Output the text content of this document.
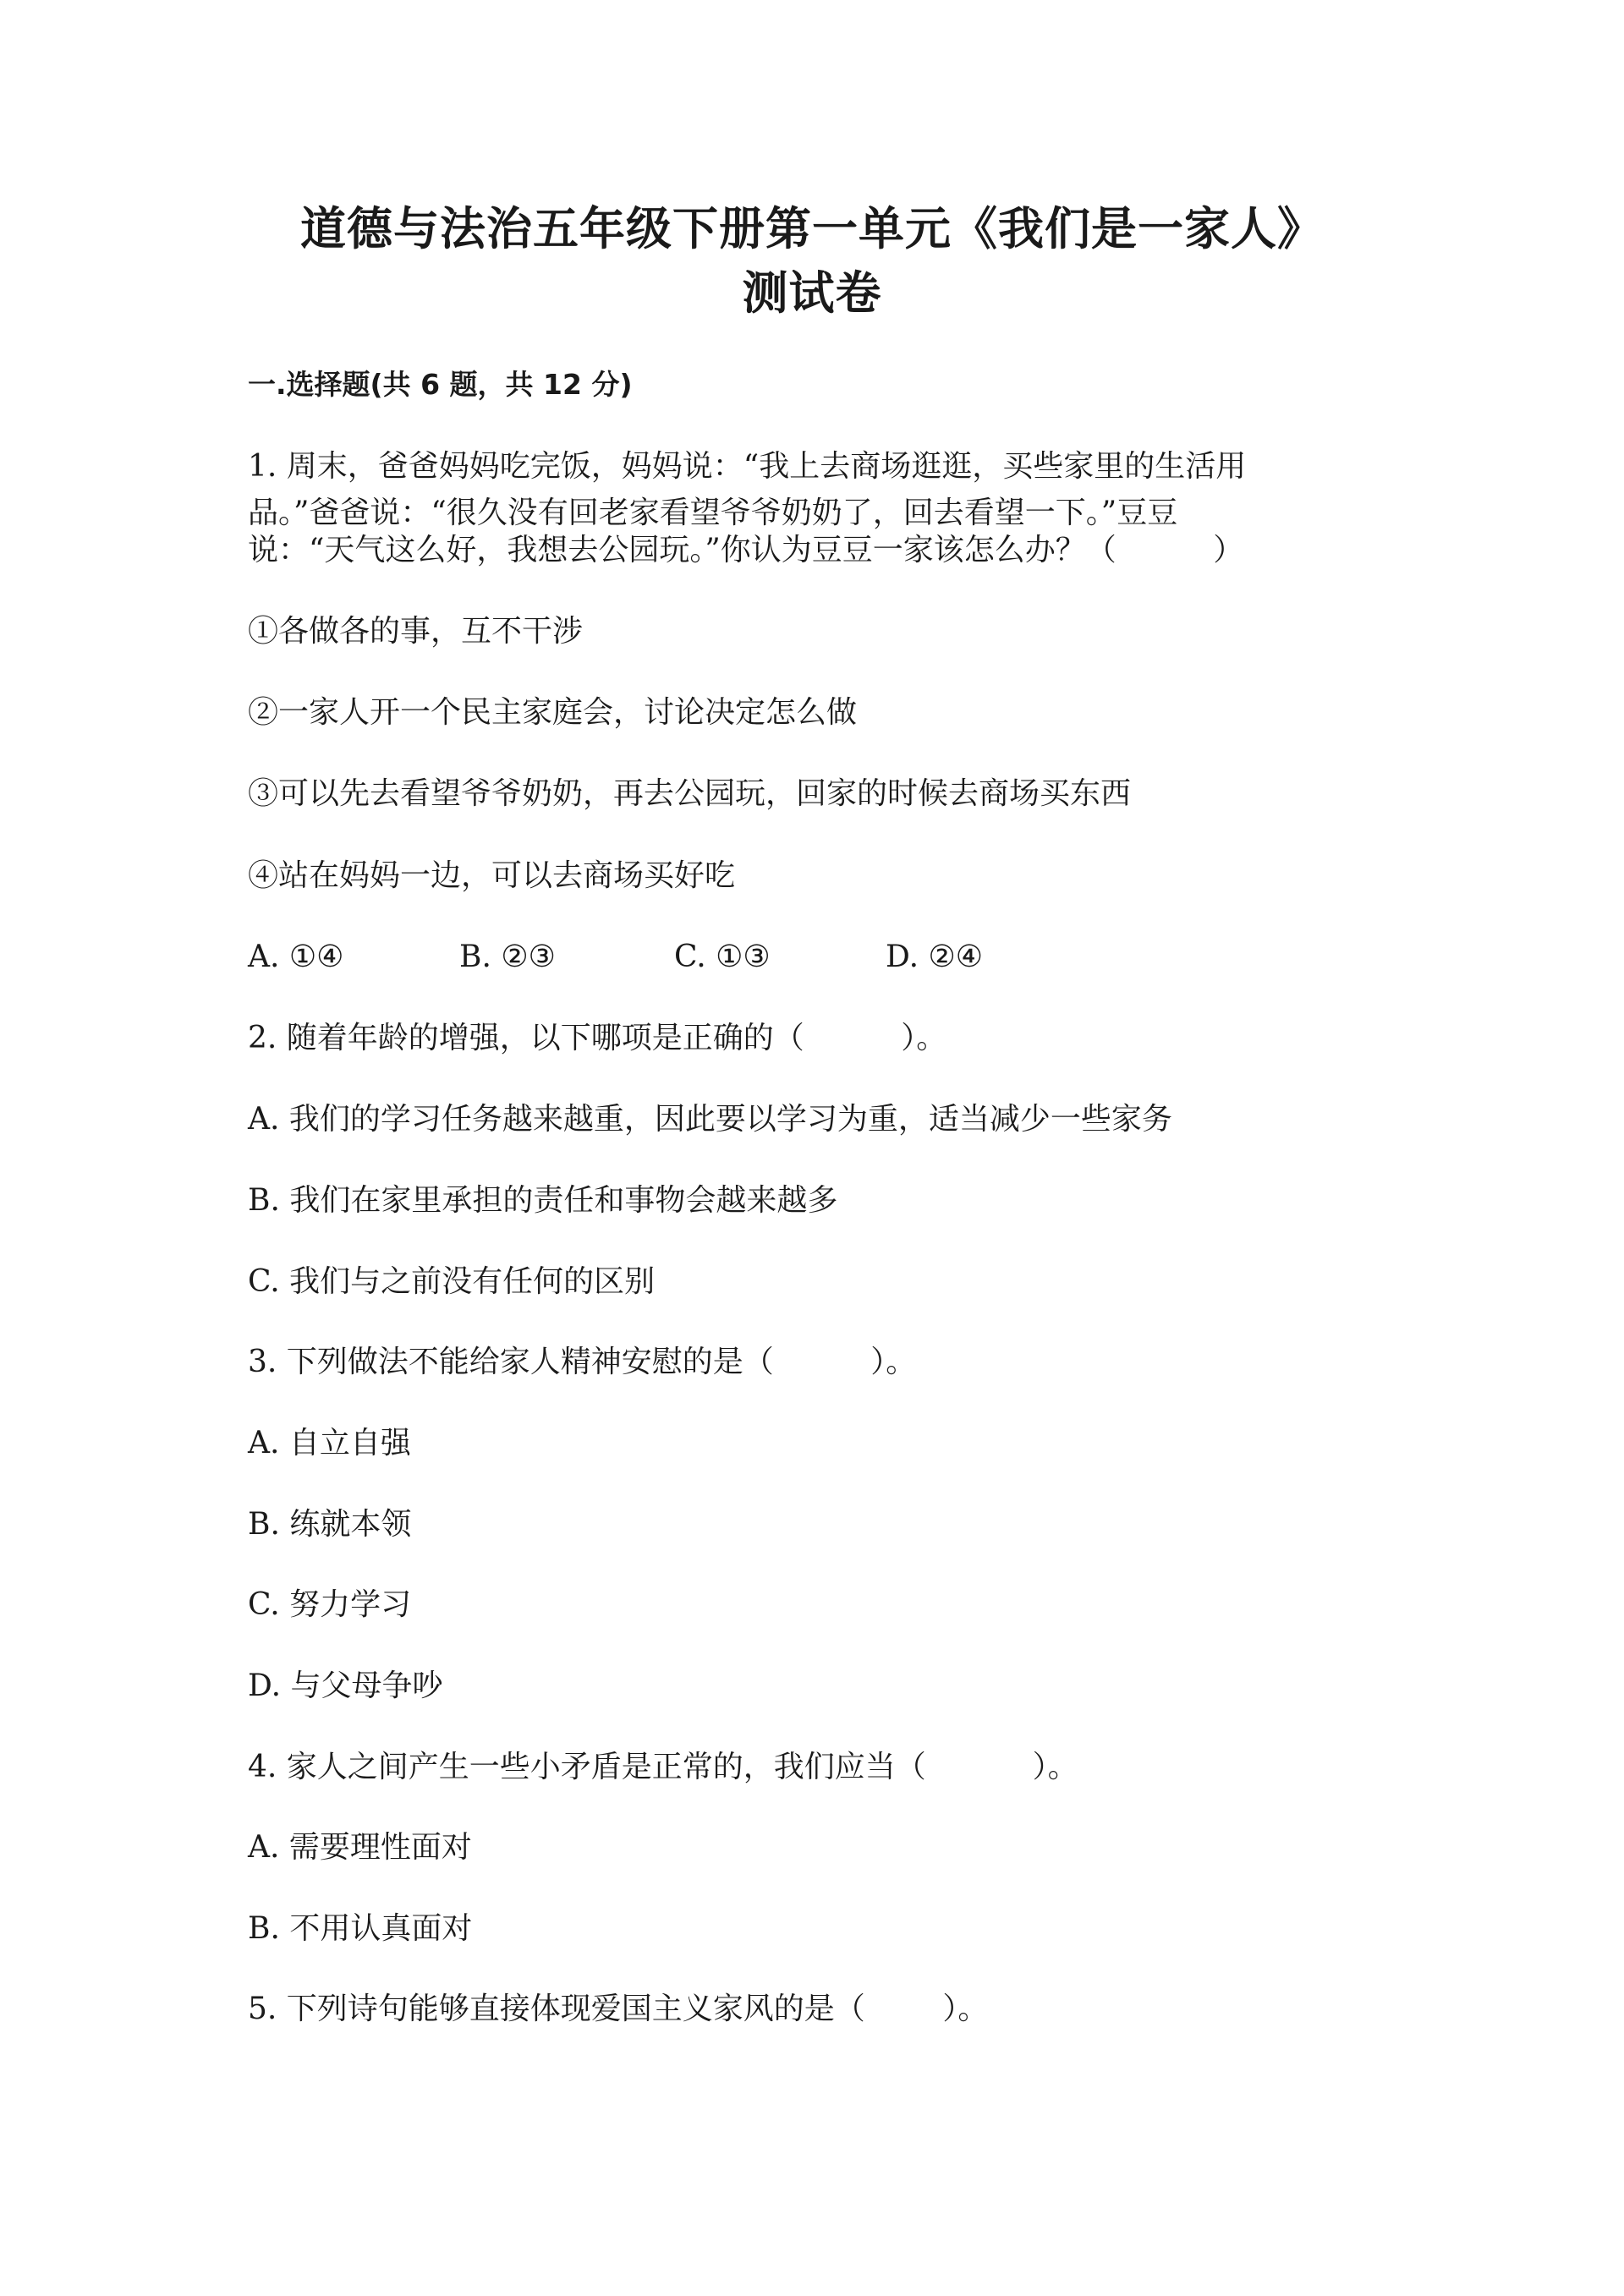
道德与法治五年级下册第一单元《我们是一家人》
测试卷
一.选择题(共 6 题，共 12 分)
1. 周末，爸爸妈妈吃完饭，妈妈说：“我上去商场逛逛，买些家里的生活用
品。”爸爸说：“很久没有回老家看望爷爷奶奶了，回去看望一下。”豆豆
说：“天气这么好，我想去公园玩。”你认为豆豆一家该怎么办？（          ）
①各做各的事，互不干涉
②一家人开一个民主家庭会，讨论决定怎么做
③可以先去看望爷爷奶奶，再去公园玩，回家的时候去商场买东西
④站在妈妈一边，可以去商场买好吃
A. ①④	B. ②③	C. ①③	D. ②④
2. 随着年龄的增强，以下哪项是正确的（          ）。
A. 我们的学习任务越来越重，因此要以学习为重，适当减少一些家务
B. 我们在家里承担的责任和事物会越来越多
C. 我们与之前没有任何的区别
3. 下列做法不能给家人精神安慰的是（          ）。
A. 自立自强
B. 练就本领
C. 努力学习
D. 与父母争吵
4. 家人之间产生一些小矛盾是正常的，我们应当（           ）。
A. 需要理性面对
B. 不用认真面对
5. 下列诗句能够直接体现爱国主义家风的是（        ）。
